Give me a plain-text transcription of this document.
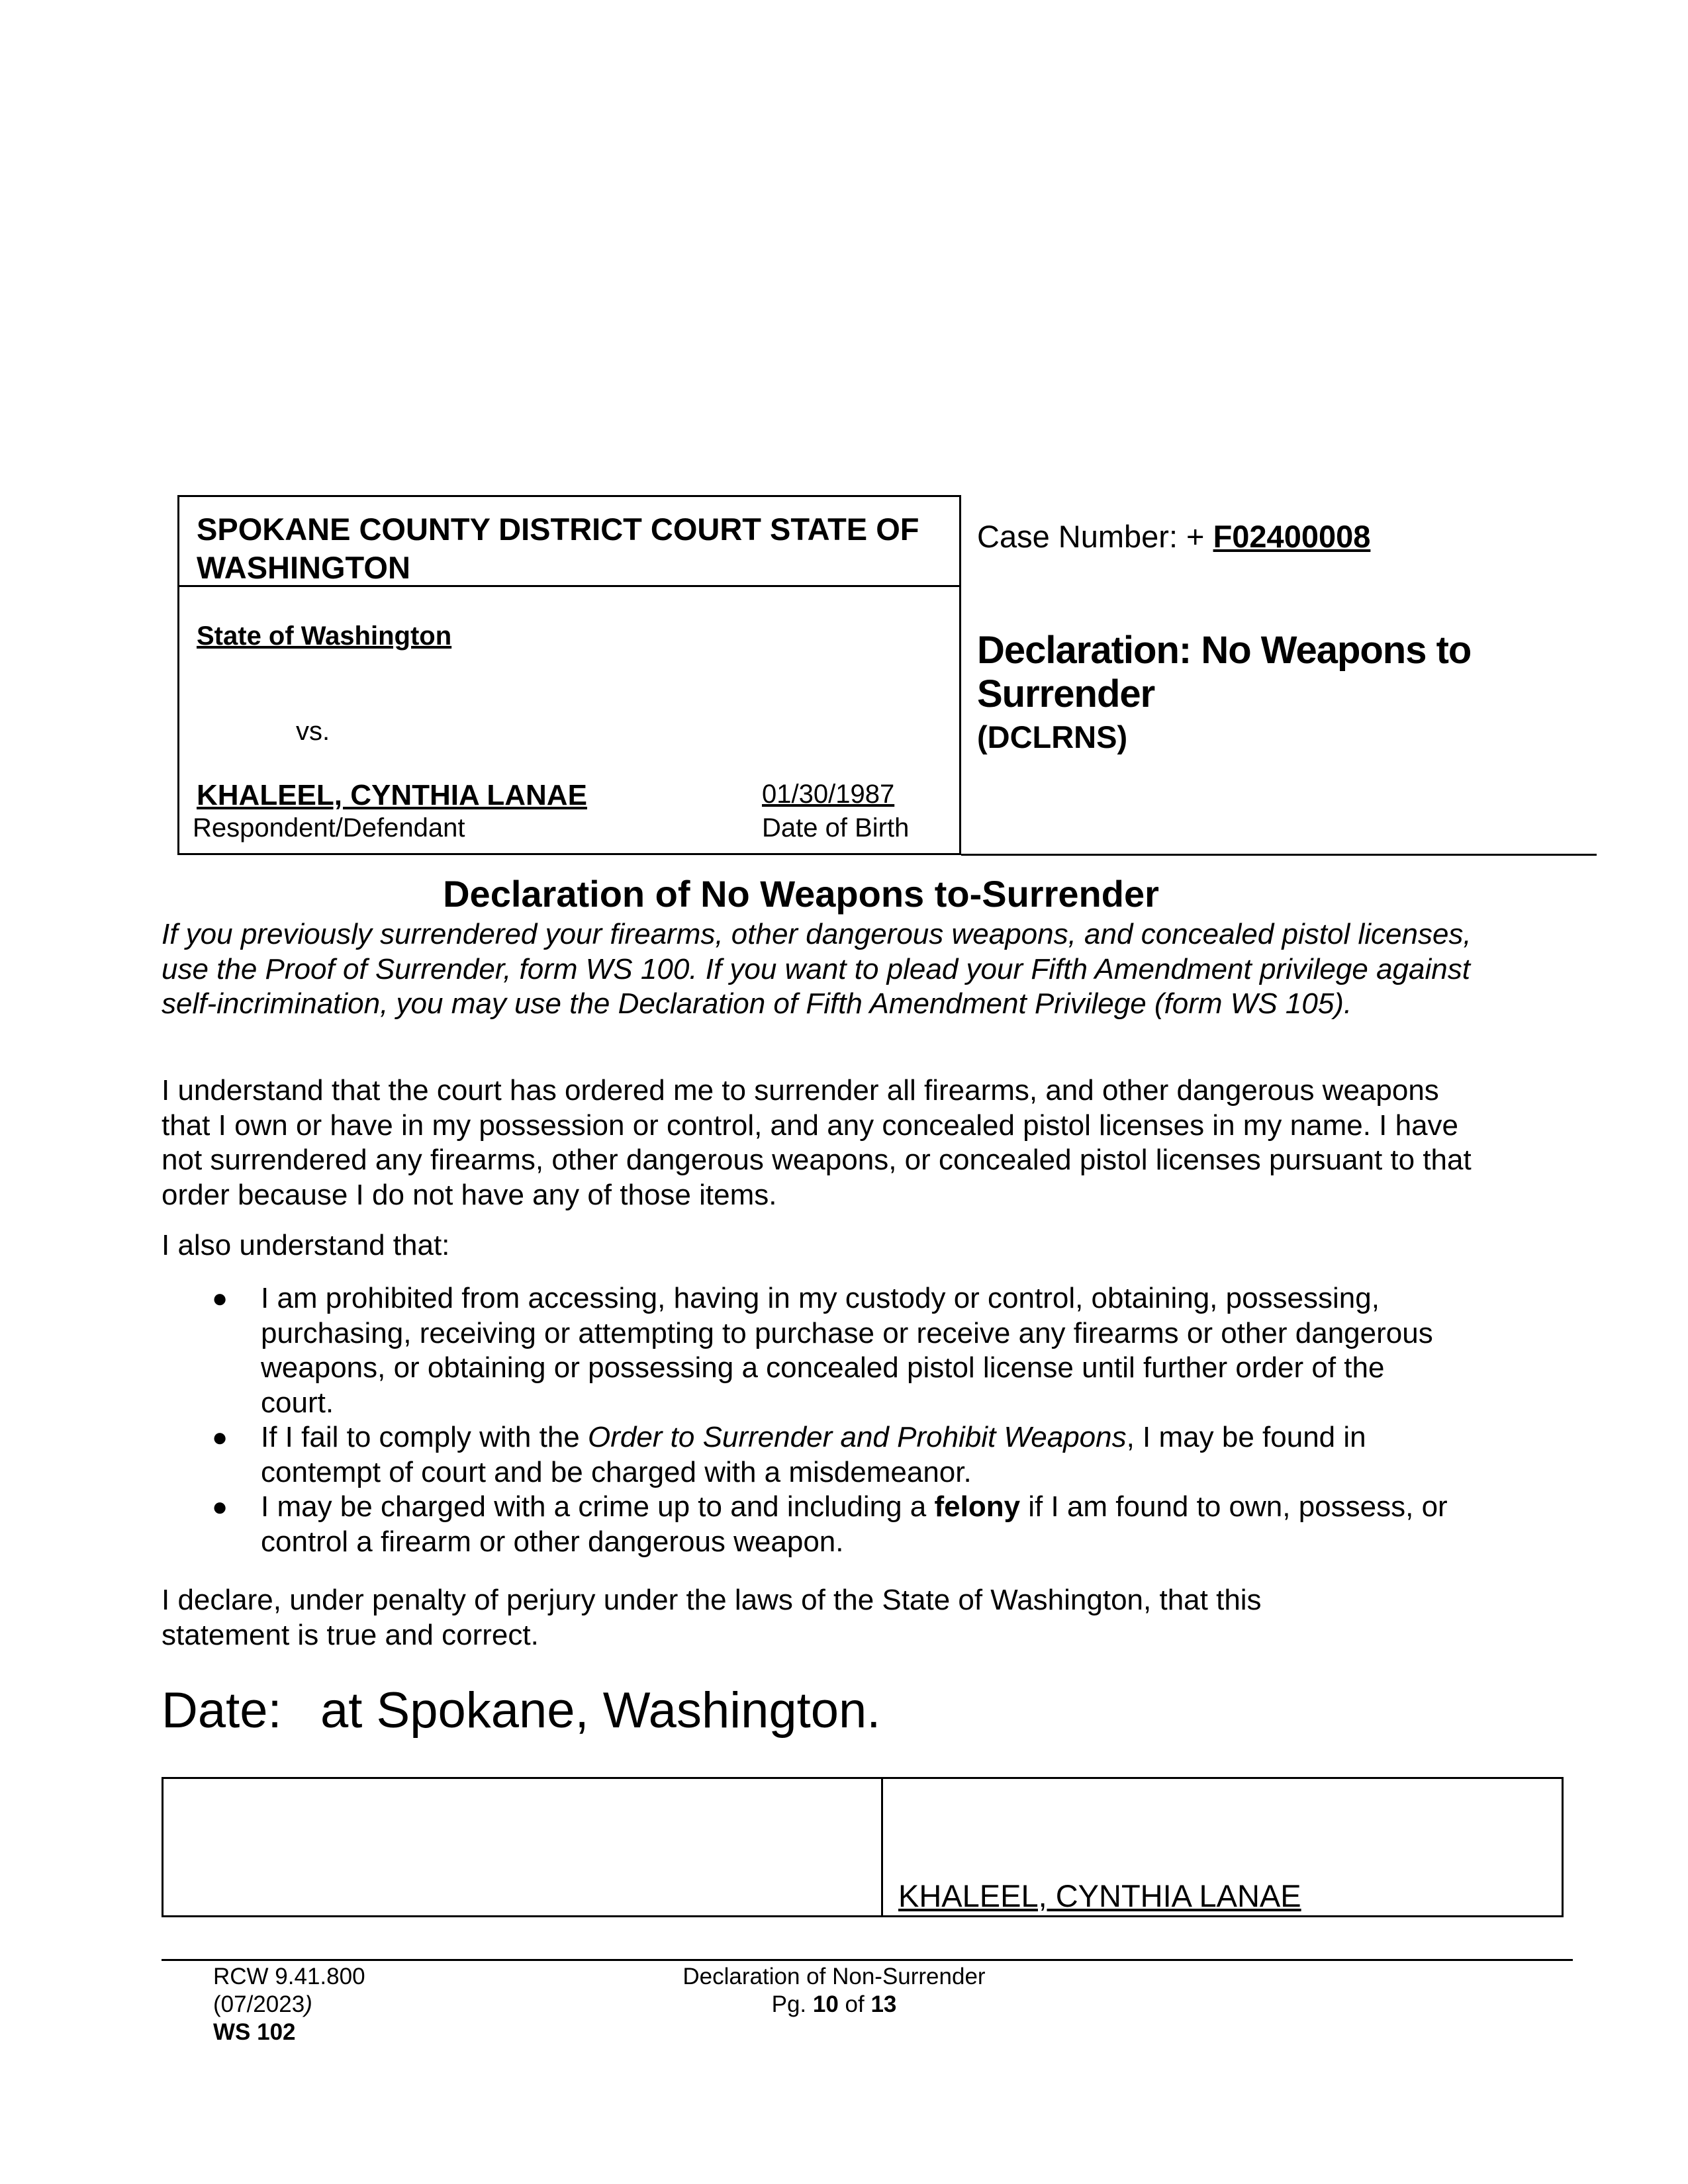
SPOKANE COUNTY DISTRICT COURT STATE OF WASHINGTON
State of Washington
vs.
KHALEEL, CYNTHIA LANAE
Respondent/Defendant
01/30/1987
Date of Birth
Case Number: + F02400008
Declaration: No Weapons to
Surrender
(DCLRNS)
Declaration of No Weapons to-Surrender
If you previously surrendered your firearms, other dangerous weapons, and concealed pistol licenses, use the Proof of Surrender, form WS 100. If you want to plead your Fifth Amendment privilege against self-incrimination, you may use the Declaration of Fifth Amendment Privilege (form WS 105).
I understand that the court has ordered me to surrender all firearms, and other dangerous weapons that I own or have in my possession or control, and any concealed pistol licenses in my name. I have not surrendered any firearms, other dangerous weapons, or concealed pistol licenses pursuant to that order because I do not have any of those items.
I also understand that:
● I am prohibited from accessing, having in my custody or control, obtaining, possessing, purchasing, receiving or attempting to purchase or receive any firearms or other dangerous weapons, or obtaining or possessing a concealed pistol license until further order of the court.
● If I fail to comply with the Order to Surrender and Prohibit Weapons, I may be found in contempt of court and be charged with a misdemeanor.
● I may be charged with a crime up to and including a felony if I am found to own, possess, or control a firearm or other dangerous weapon.
I declare, under penalty of perjury under the laws of the State of Washington, that this statement is true and correct.
Date: at Spokane, Washington.
KHALEEL, CYNTHIA LANAE
RCW 9.41.800
(07/2023)
WS 102
Declaration of Non-Surrender
Pg. 10 of 13
